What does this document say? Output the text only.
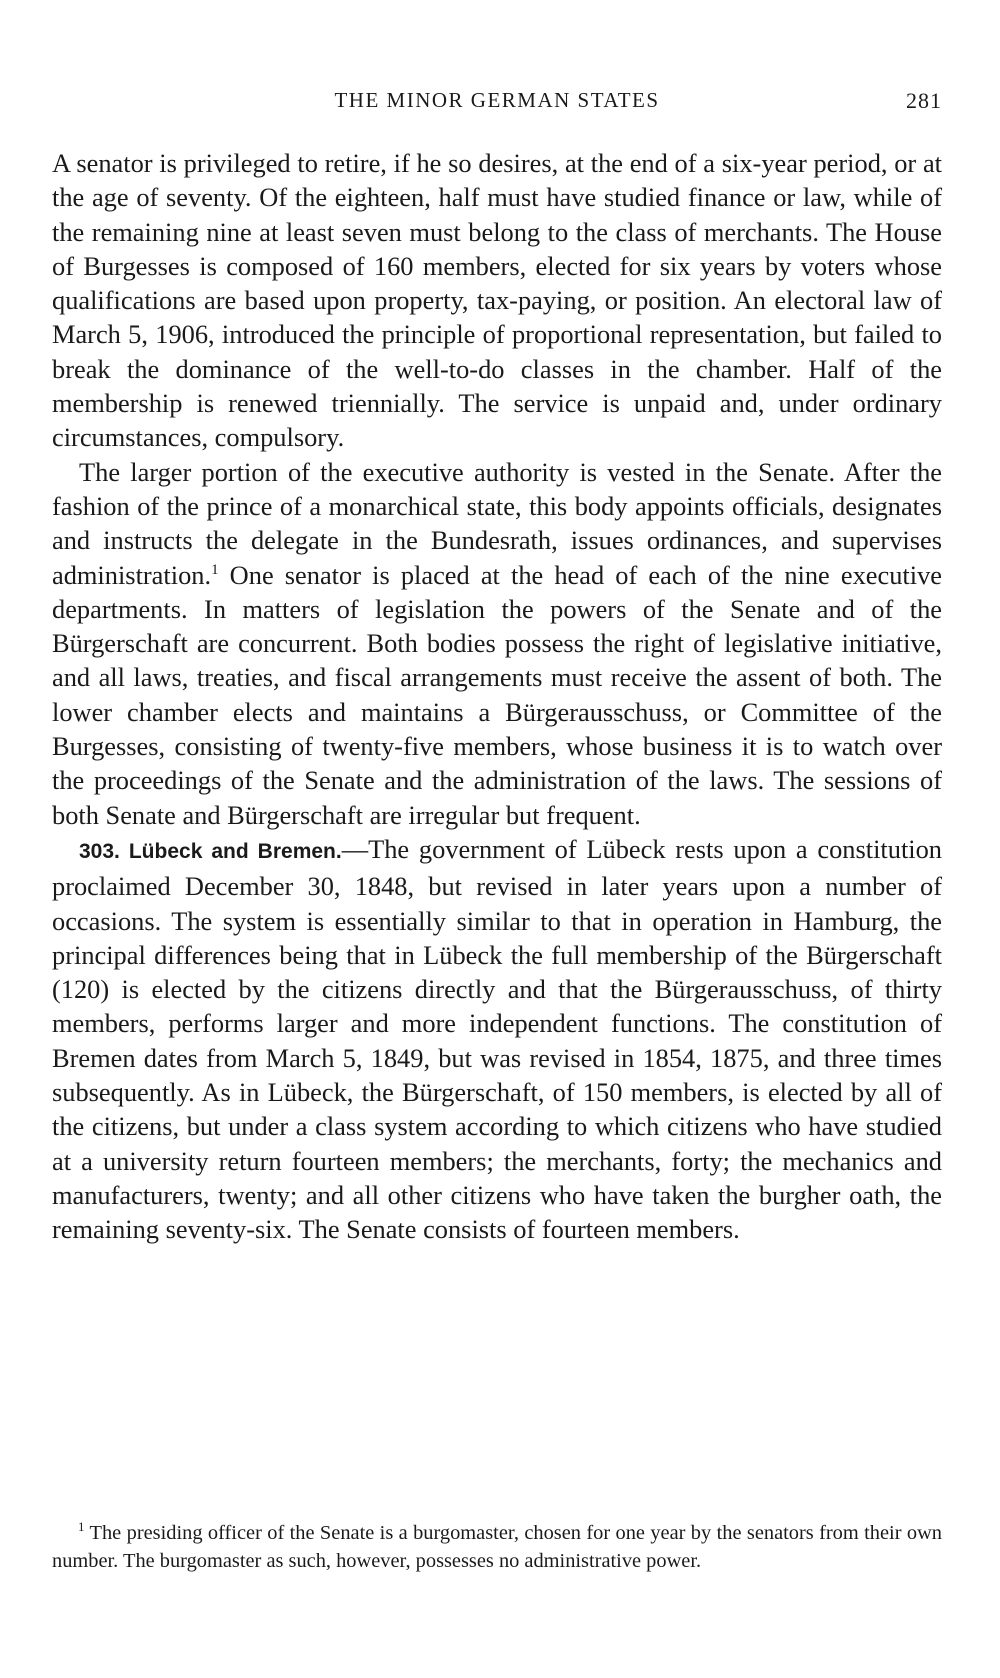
THE MINOR GERMAN STATES	281

A senator is privileged to retire, if he so desires, at the end of a six-year period, or at the age of seventy. Of the eighteen, half must have studied finance or law, while of the remaining nine at least seven must belong to the class of merchants. The House of Burgesses is composed of 160 members, elected for six years by voters whose qualifications are based upon property, tax-paying, or position. An electoral law of March 5, 1906, introduced the principle of proportional representation, but failed to break the dominance of the well-to-do classes in the chamber. Half of the membership is renewed triennially. The service is unpaid and, under ordinary circumstances, compulsory.

The larger portion of the executive authority is vested in the Senate. After the fashion of the prince of a monarchical state, this body appoints officials, designates and instructs the delegate in the Bundesrath, issues ordinances, and supervises administration.$^1$ One senator is placed at the head of each of the nine executive departments. In matters of legislation the powers of the Senate and of the Bürgerschaft are concurrent. Both bodies possess the right of legislative initiative, and all laws, treaties, and fiscal arrangements must receive the assent of both. The lower chamber elects and maintains a Bürgerausschuss, or Committee of the Burgesses, consisting of twenty-five members, whose business it is to watch over the proceedings of the Senate and the administration of the laws. The sessions of both Senate and Bürgerschaft are irregular but frequent.

303. Lübeck and Bremen.—The government of Lübeck rests upon a constitution proclaimed December 30, 1848, but revised in later years upon a number of occasions. The system is essentially similar to that in operation in Hamburg, the principal differences being that in Lübeck the full membership of the Bürgerschaft (120) is elected by the citizens directly and that the Bürgerausschuss, of thirty members, performs larger and more independent functions. The constitution of Bremen dates from March 5, 1849, but was revised in 1854, 1875, and three times subsequently. As in Lübeck, the Bürgerschaft, of 150 members, is elected by all of the citizens, but under a class system according to which citizens who have studied at a university return fourteen members; the merchants, forty; the mechanics and manufacturers, twenty; and all other citizens who have taken the burgher oath, the remaining seventy-six. The Senate consists of fourteen members.

$^1$ The presiding officer of the Senate is a burgomaster, chosen for one year by the senators from their own number. The burgomaster as such, however, possesses no administrative power.
